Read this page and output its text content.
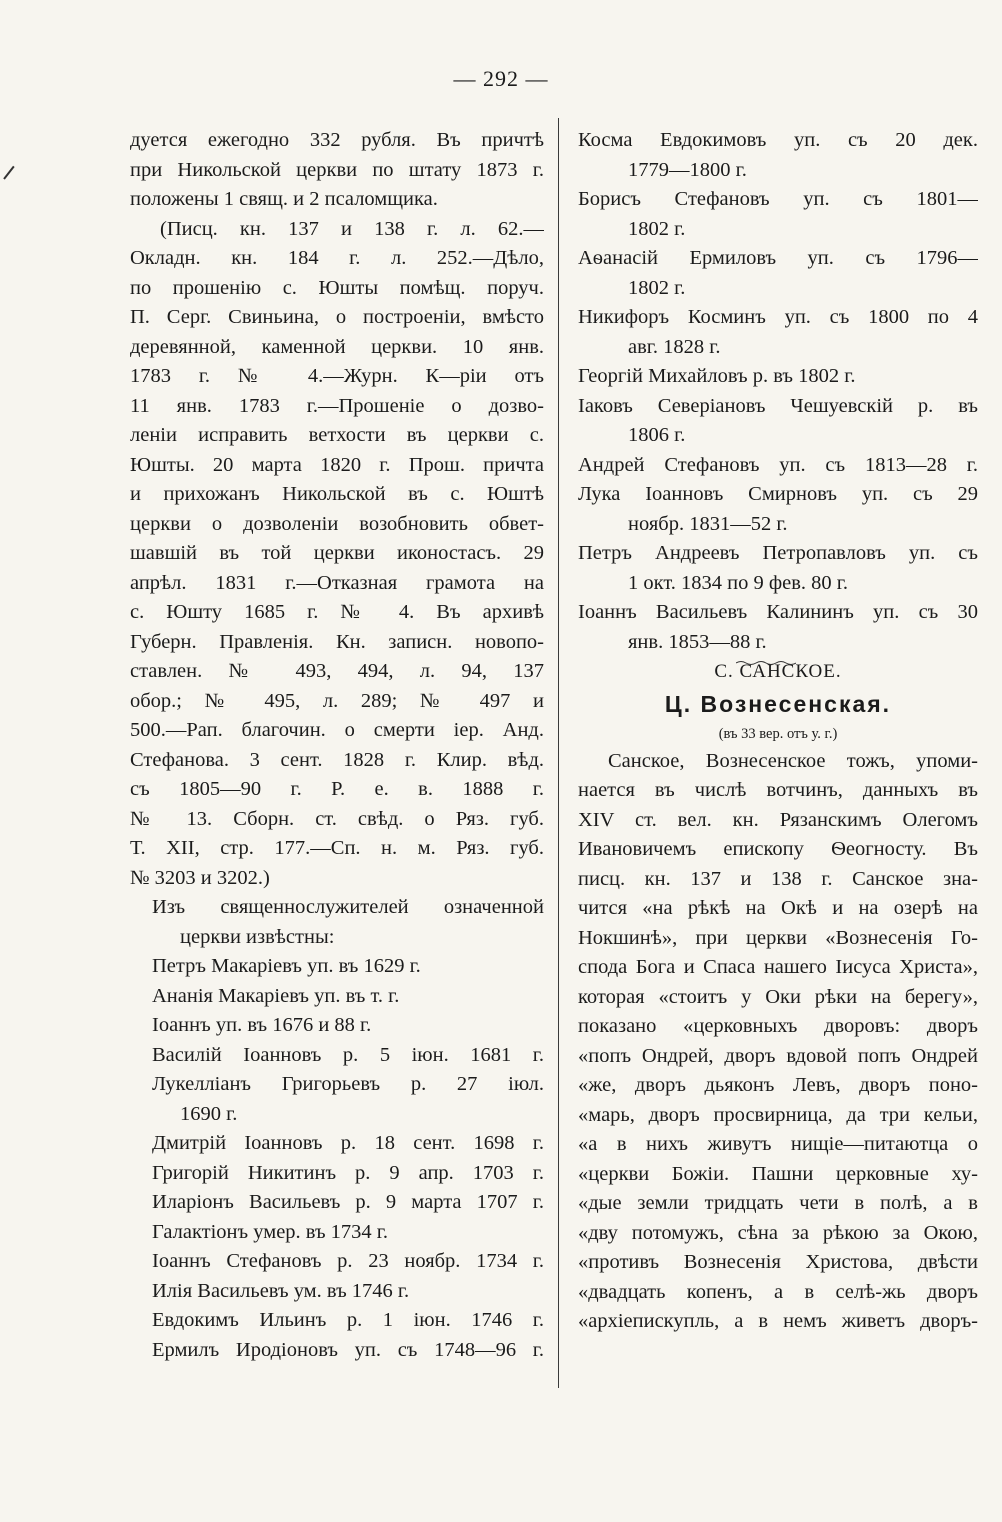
— 292 —
дуется ежегодно 332 рубля. Въ причтѣ
при Никольской церкви по штату 1873 г.
положены 1 свящ. и 2 псаломщика.
(Писц. кн. 137 и 138 г. л. 62.—
Окладн. кн. 184 г. л. 252.—Дѣло,
по прошенію с. Юшты помѣщ. поруч.
П. Серг. Свиньина, о построеніи, вмѣсто
деревянной, каменной церкви. 10 янв.
1783 г. № 4.—Журн. К—ріи отъ
11 янв. 1783 г.—Прошеніе о дозво-
леніи исправить ветхости въ церкви с.
Юшты. 20 марта 1820 г. Прош. причта
и прихожанъ Никольской въ с. Юштѣ
церкви о дозволеніи возобновить обвет-
шавшій въ той церкви иконостасъ. 29
апрѣл. 1831 г.—Отказная грамота на
с. Юшту 1685 г. № 4. Въ архивѣ
Губерн. Правленія. Кн. записн. новопо-
ставлен. № 493, 494, л. 94, 137
обор.; № 495, л. 289; № 497 и
500.—Рап. благочин. о смерти іер. Анд.
Стефанова. 3 сент. 1828 г. Клир. вѣд.
съ 1805—90 г. Р. е. в. 1888 г.
№ 13. Сборн. ст. свѣд. о Ряз. губ.
Т. XII, стр. 177.—Сп. н. м. Ряз. губ.
№ 3203 и 3202.)
Изъ священнослужителей означенной
церкви извѣстны:
Петръ Макаріевъ уп. въ 1629 г.
Ананія Макаріевъ уп. въ т. г.
Іоаннъ уп. въ 1676 и 88 г.
Василій Іоанновъ р. 5 іюн. 1681 г.
Лукелліанъ Григорьевъ р. 27 іюл.
1690 г.
Дмитрій Іоанновъ р. 18 сент. 1698 г.
Григорій Никитинъ р. 9 апр. 1703 г.
Иларіонъ Васильевъ р. 9 марта 1707 г.
Галактіонъ умер. въ 1734 г.
Іоаннъ Стефановъ р. 23 ноябр. 1734 г.
Илія Васильевъ ум. въ 1746 г.
Евдокимъ Ильинъ р. 1 іюн. 1746 г.
Ермилъ Иродіоновъ уп. съ 1748—96 г.
Косма Евдокимовъ уп. съ 20 дек.
1779—1800 г.
Борисъ Стефановъ уп. съ 1801—
1802 г.
Аѳанасій Ермиловъ уп. съ 1796—
1802 г.
Никифоръ Косминъ уп. съ 1800 по 4
авг. 1828 г.
Георгій Михайловъ р. въ 1802 г.
Іаковъ Северіановъ Чешуевскій р. въ
1806 г.
Андрей Стефановъ уп. съ 1813—28 г.
Лука Іоанновъ Смирновъ уп. съ 29
ноябр. 1831—52 г.
Петръ Андреевъ Петропавловъ уп. съ
1 окт. 1834 по 9 фев. 80 г.
Іоаннъ Васильевъ Калининъ уп. съ 30
янв. 1853—88 г.
С. САНСКОЕ.
Ц. Вознесенская.
(въ 33 вер. отъ у. г.)
Санское, Вознесенское тожъ, упоми-
нается въ числѣ вотчинъ, данныхъ въ
XIV ст. вел. кн. Рязанскимъ Олегомъ
Ивановичемъ епископу Ѳеогносту. Въ
писц. кн. 137 и 138 г. Санское зна-
чится «на рѣкѣ на Окѣ и на озерѣ на
Нокшинѣ», при церкви «Вознесенія Го-
спода Бога и Спаса нашего Іисуса Христа»,
которая «стоитъ у Оки рѣки на берегу»,
показано «церковныхъ дворовъ: дворъ
«попъ Ондрей, дворъ вдовой попъ Ондрей
«же, дворъ дьяконъ Левъ, дворъ поно-
«марь, дворъ просвирница, да три кельи,
«а в нихъ живутъ нищіе—питаютца о
«церкви Божіи. Пашни церковные ху-
«дые земли тридцать чети в полѣ, а в
«дву потомужъ, сѣна за рѣкою за Окою,
«противъ Вознесенія Христова, двѣсти
«двадцать копенъ, а в селѣ-жь дворъ
«архіепискупль, а в немъ живетъ дворъ-
